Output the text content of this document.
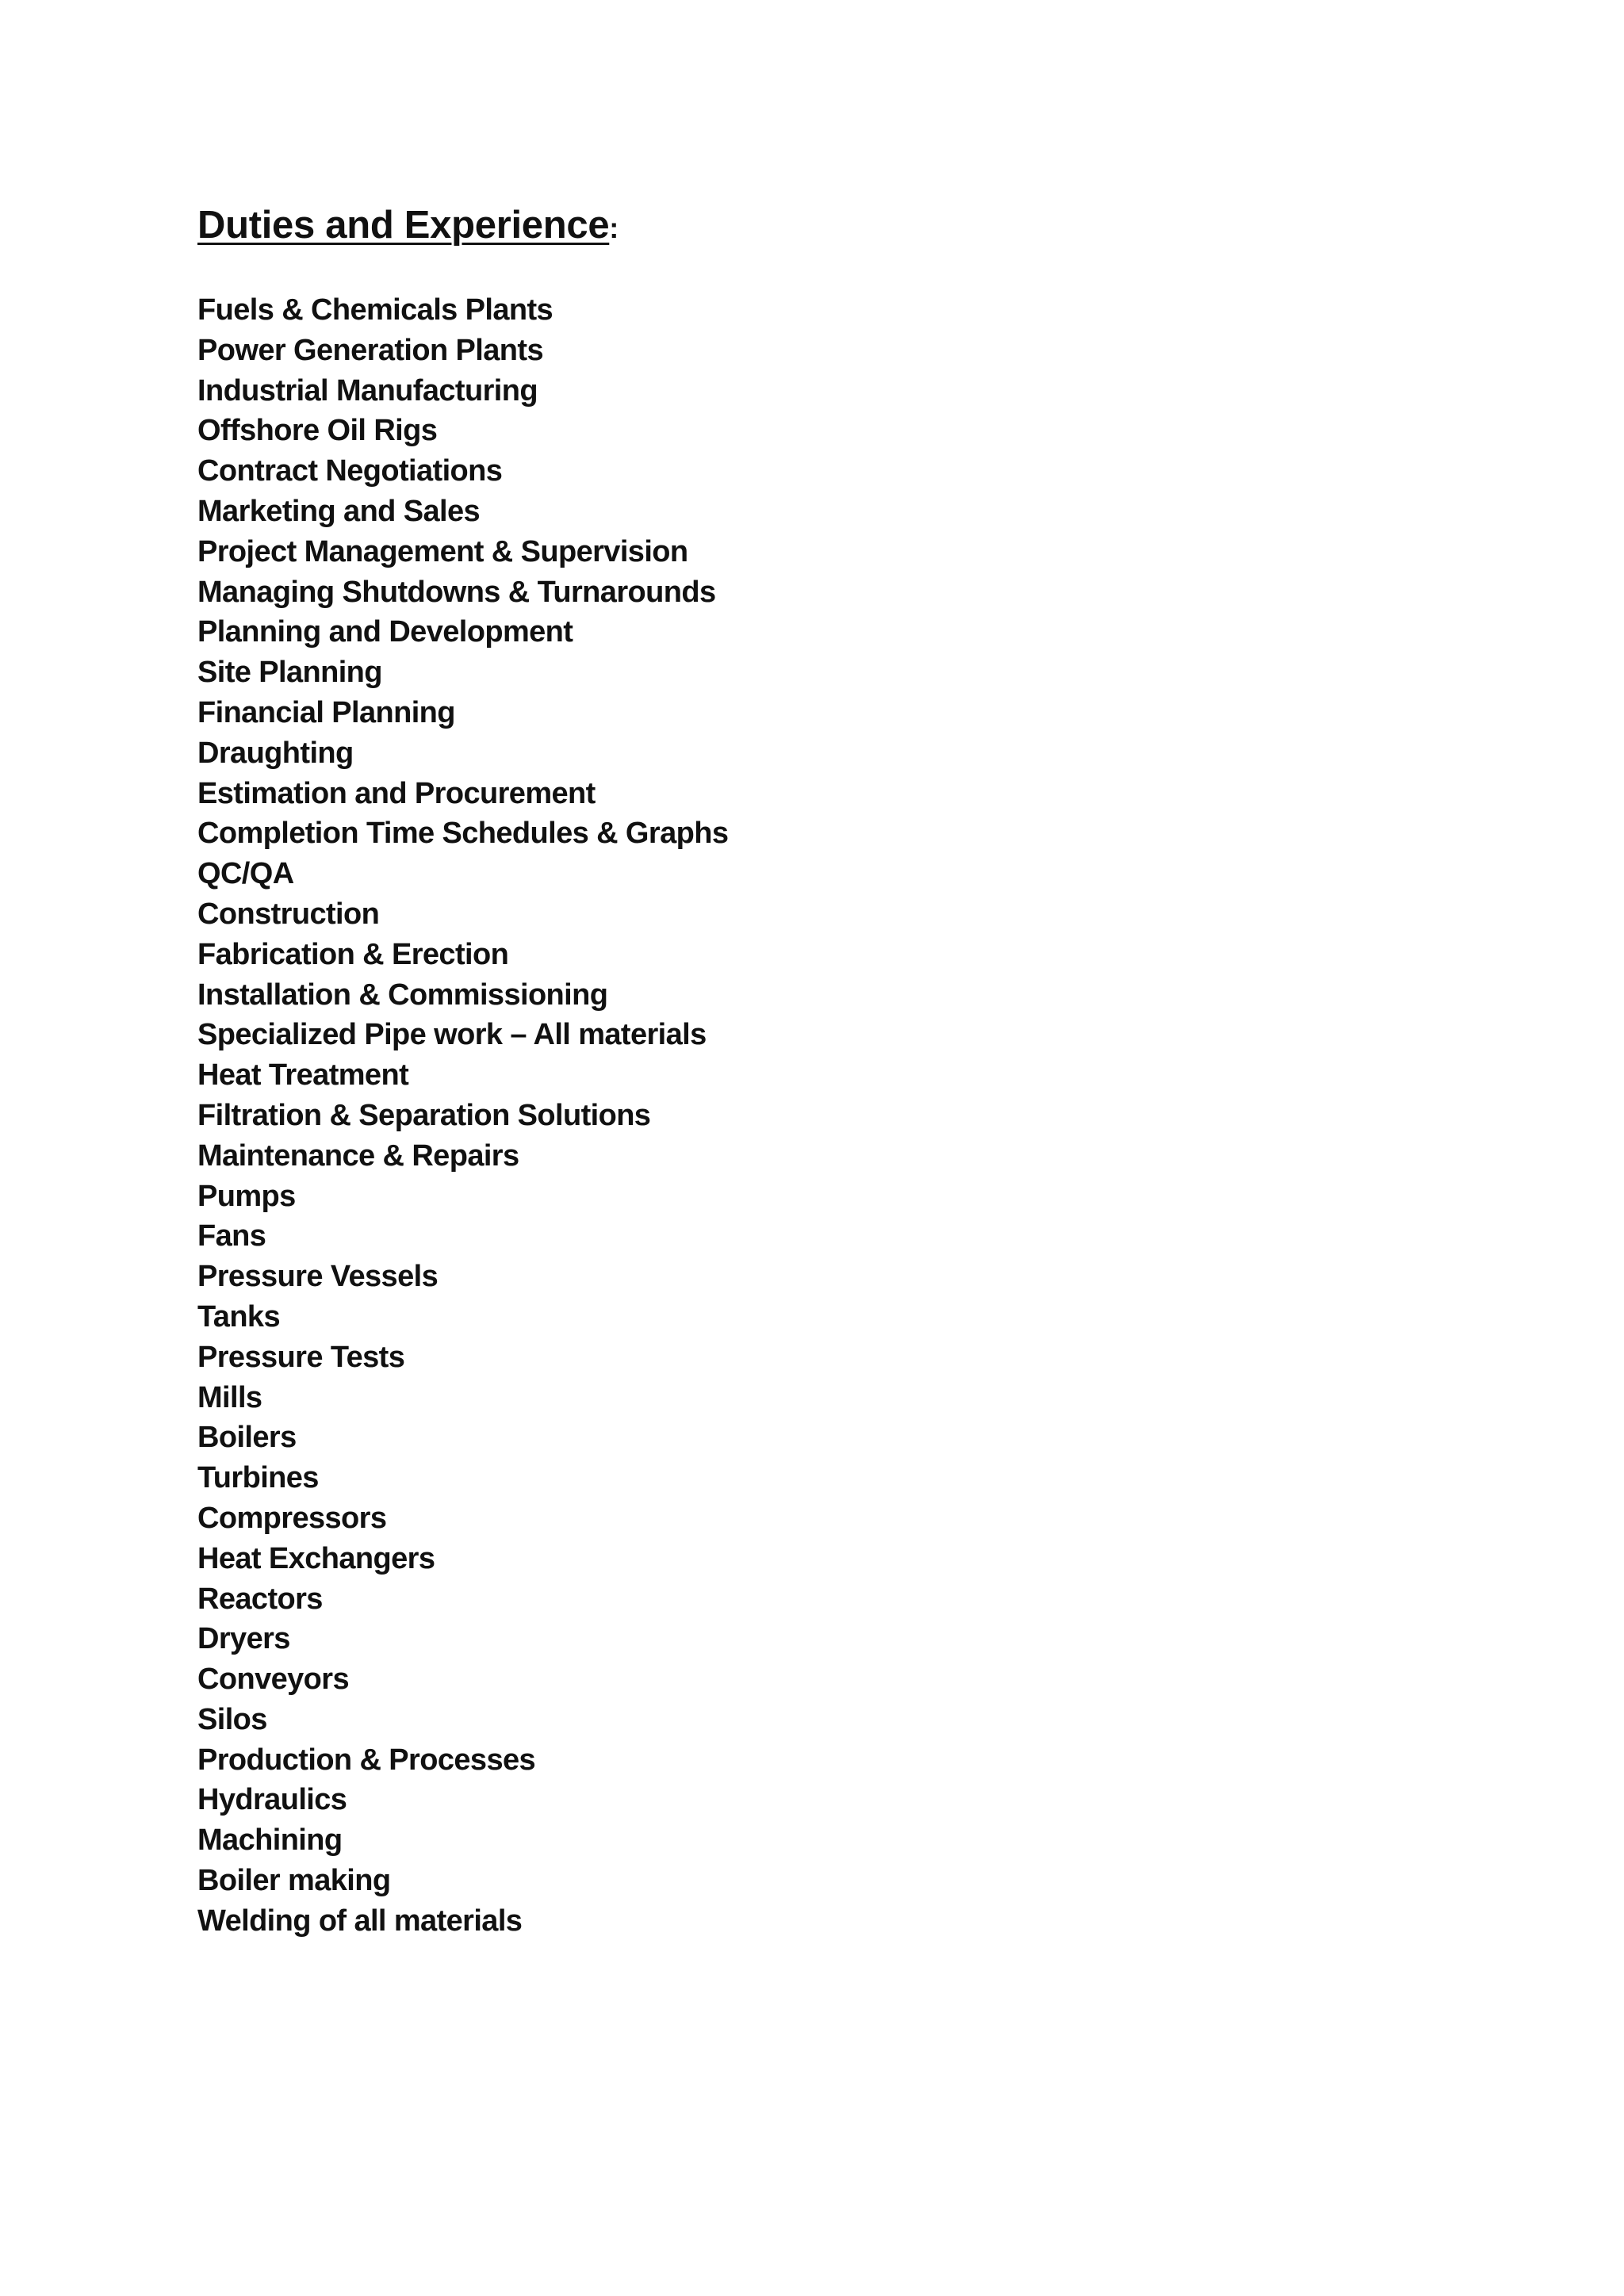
Duties and Experience:
Fuels & Chemicals Plants
Power Generation Plants
Industrial Manufacturing
Offshore Oil Rigs
Contract Negotiations
Marketing and Sales
Project Management & Supervision
Managing Shutdowns & Turnarounds
Planning and Development
Site Planning
Financial Planning
Draughting
Estimation and Procurement
Completion Time Schedules & Graphs
QC/QA
Construction
Fabrication & Erection
Installation & Commissioning
Specialized Pipe work – All materials
Heat Treatment
Filtration & Separation Solutions
Maintenance & Repairs
Pumps
Fans
Pressure Vessels
Tanks
Pressure Tests
Mills
Boilers
Turbines
Compressors
Heat Exchangers
Reactors
Dryers
Conveyors
Silos
Production & Processes
Hydraulics
Machining
Boiler making
Welding of all materials
